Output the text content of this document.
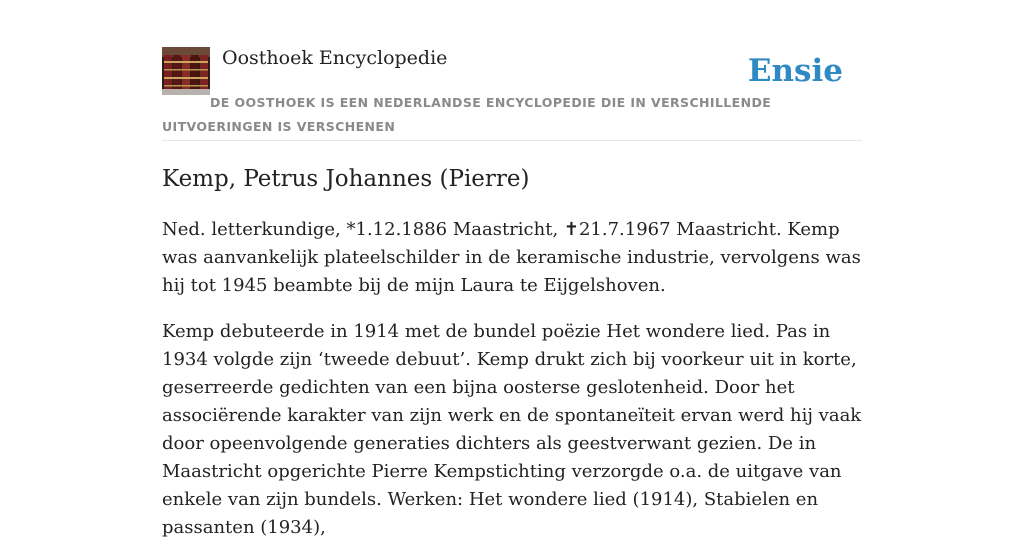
Oosthoek Encyclopedie	Ensie
DE OOSTHOEK IS EEN NEDERLANDSE ENCYCLOPEDIE DIE IN VERSCHILLENDE UITVOERINGEN IS VERSCHENEN
Kemp, Petrus Johannes (Pierre)

Ned. letterkundige, *1.12.1886 Maastricht, ✝21.7.1967 Maastricht. Kemp was aanvankelijk plateelschilder in de keramische industrie, vervolgens was hij tot 1945 beambte bij de mijn Laura te Eijgelshoven.

Kemp debuteerde in 1914 met de bundel poëzie Het wondere lied. Pas in 1934 volgde zijn ‘tweede debuut’. Kemp drukt zich bij voorkeur uit in korte, geserreerde gedichten van een bijna oosterse geslotenheid. Door het associërende karakter van zijn werk en de spontaneïteit ervan werd hij vaak door opeenvolgende generaties dichters als geestverwant gezien. De in Maastricht opgerichte Pierre Kempstichting verzorgde o.a. de uitgave van enkele van zijn bundels. Werken: Het wondere lied (1914), Stabielen en passanten (1934),
